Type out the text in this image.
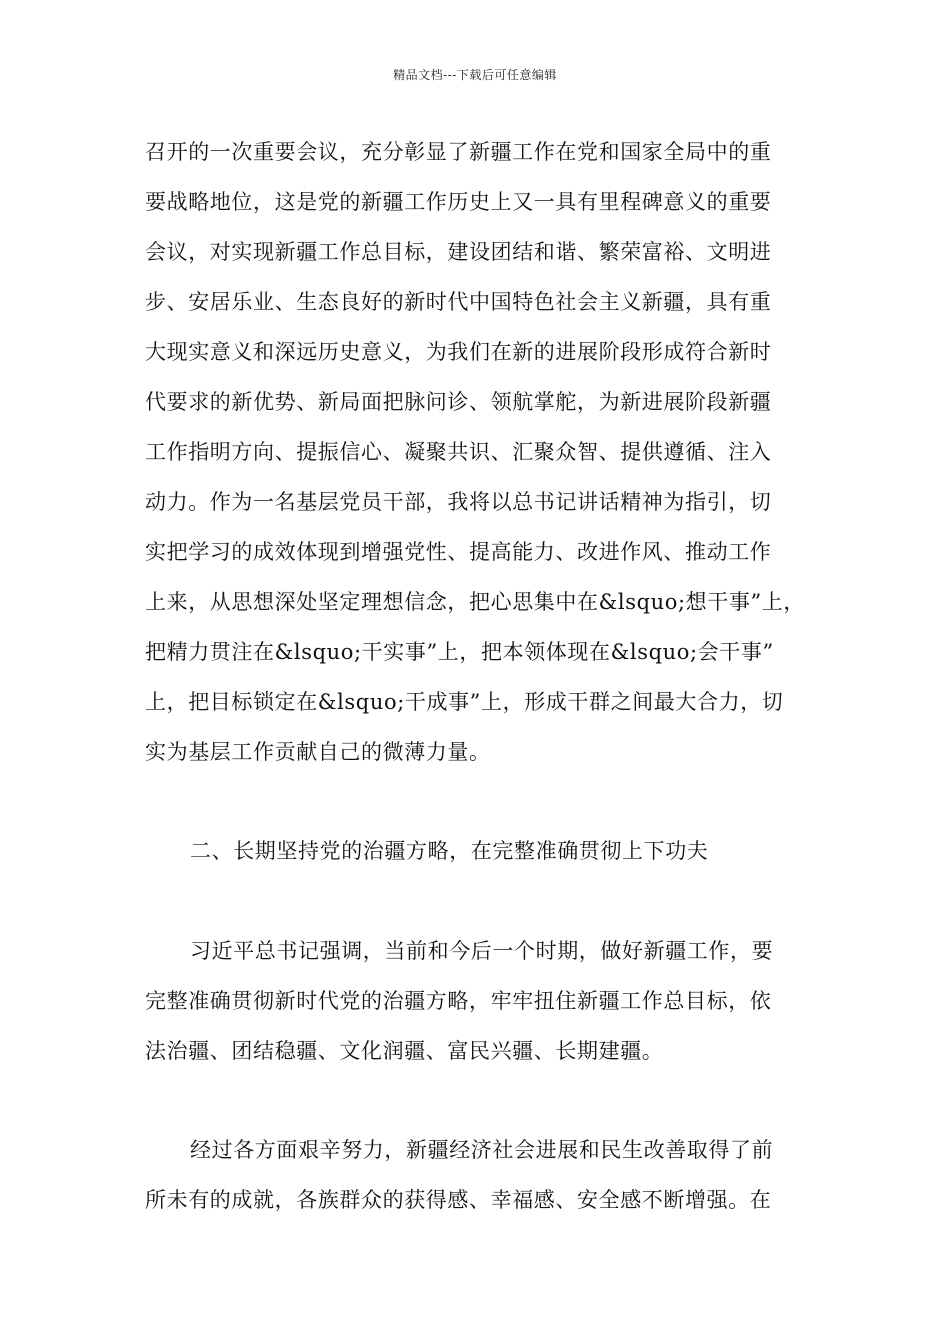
精品文档---下载后可任意编辑
召开的一次重要会议，充分彰显了新疆工作在党和国家全局中的重
要战略地位，这是党的新疆工作历史上又一具有里程碑意义的重要
会议，对实现新疆工作总目标，建设团结和谐、繁荣富裕、文明进
步、安居乐业、生态良好的新时代中国特色社会主义新疆，具有重
大现实意义和深远历史意义，为我们在新的进展阶段形成符合新时
代要求的新优势、新局面把脉问诊、领航掌舵，为新进展阶段新疆
工作指明方向、提振信心、凝聚共识、汇聚众智、提供遵循、注入
动力。作为一名基层党员干部，我将以总书记讲话精神为指引，切
实把学习的成效体现到增强党性、提高能力、改进作风、推动工作
上来，从思想深处坚定理想信念，把心思集中在&lsquo;想干事”上，
把精力贯注在&lsquo;干实事”上，把本领体现在&lsquo;会干事”
上，把目标锁定在&lsquo;干成事”上，形成干群之间最大合力，切
实为基层工作贡献自己的微薄力量。
二、长期坚持党的治疆方略，在完整准确贯彻上下功夫
习近平总书记强调，当前和今后一个时期，做好新疆工作，要
完整准确贯彻新时代党的治疆方略，牢牢扭住新疆工作总目标，依
法治疆、团结稳疆、文化润疆、富民兴疆、长期建疆。
经过各方面艰辛努力，新疆经济社会进展和民生改善取得了前
所未有的成就，各族群众的获得感、幸福感、安全感不断增强。在
